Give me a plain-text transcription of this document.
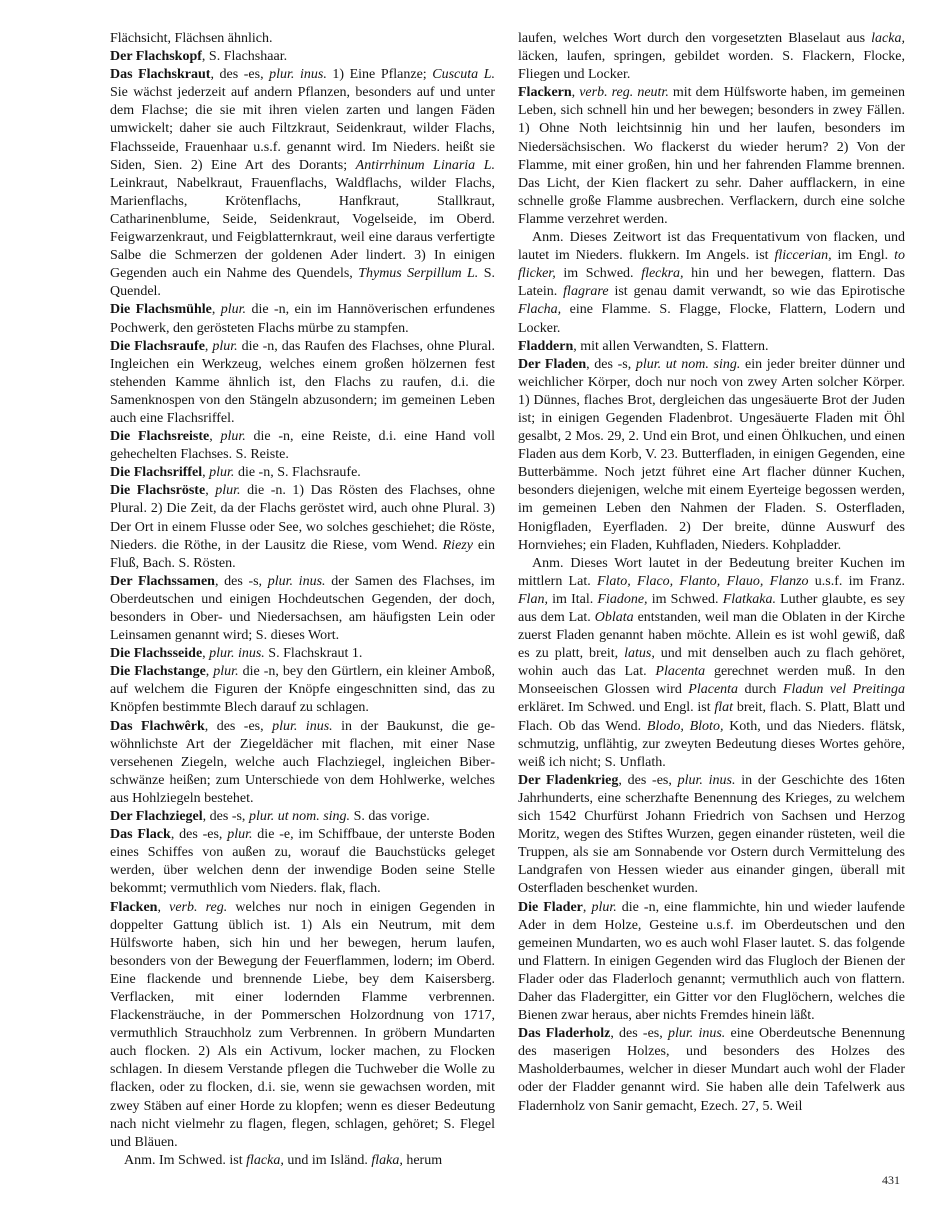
Flächsicht, Flächsen ähnlich.

Der Flachskopf, S. Flachshaar.

Das Flachskraut, des -es, plur. inus. 1) Eine Pflanze; Cuscuta L. Sie wächst jederzeit auf andern Pflanzen, besonders auf und unter dem Flachse; die sie mit ihren vielen zarten und langen Fäden umwickelt; daher sie auch Filtzkraut, Seidenkraut, wilder Flachs, Flachsseide, Frauenhaar u.s.f. genannt wird. Im Nieders. heißt sie Siden, Sien. 2) Eine Art des Dorants; Antirrhinum Linaria L. Leinkraut, Nabelkraut, Frauenflachs, Waldflachs, wilder Flachs, Marienflachs, Krötenflachs, Hanfkraut, Stallkraut, Catharinenblume, Seide, Seidenkraut, Vogelseide, im Oberd. Feigwarzenkraut, und Feigblatternkraut, weil eine daraus verfertigte Salbe die Schmerzen der goldenen Ader lindert. 3) In einigen Gegenden auch ein Nahme des Quendels, Thymus Serpillum L. S. Quendel.

Die Flachsmühle, plur. die -n, ein im Hannöverischen erfundenes Pochwerk, den gerösteten Flachs mürbe zu stampfen.

Die Flachsraufe, plur. die -n, das Raufen des Flachses, ohne Plural. Ingleichen ein Werkzeug, welches einem großen hölzernen fest stehenden Kamme ähnlich ist, den Flachs zu raufen, d.i. die Samenknospen von den Stängeln abzusondern; im gemeinen Leben auch eine Flachsriffel.

Die Flachsreiste, plur. die -n, eine Reiste, d.i. eine Hand voll gehechelten Flachses. S. Reiste.

Die Flachsriffel, plur. die -n, S. Flachsraufe.

Die Flachsröste, plur. die -n. 1) Das Rösten des Flachses, ohne Plural. 2) Die Zeit, da der Flachs geröstet wird, auch ohne Plural. 3) Der Ort in einem Flusse oder See, wo solches geschiehet; die Röste, Nieders. die Röthe, in der Lausitz die Riese, vom Wend. Riezy ein Fluß, Bach. S. Rösten.

Der Flachssamen, des -s, plur. inus. der Samen des Flachses, im Oberdeutschen und einigen Hochdeutschen Gegenden, der doch, besonders in Ober- und Niedersachsen, am häufigsten Lein oder Leinsamen genannt wird; S. dieses Wort.

Die Flachsseide, plur. inus. S. Flachskraut 1.

Die Flachstange, plur. die -n, bey den Gürtlern, ein kleiner Amboß, auf welchem die Figuren der Knöpfe eingeschnitten sind, das zu Knöpfen bestimmte Blech darauf zu schlagen.

Das Flachwêrk, des -es, plur. inus. in der Baukunst, die gewöhnlichste Art der Ziegeldächer mit flachen, mit einer Nase versehenen Ziegeln, welche auch Flachziegel, ingleichen Biberschwänze heißen; zum Unterschiede von dem Hohlwerke, welches aus Hohlziegeln bestehet.

Der Flachziegel, des -s, plur. ut nom. sing. S. das vorige.

Das Flack, des -es, plur. die -e, im Schiffbaue, der unterste Boden eines Schiffes von außen zu, worauf die Bauchstücks geleget werden, über welchen denn der inwendige Boden seine Stelle bekommt; vermuthlich vom Nieders. flak, flach.

Flacken, verb. reg. welches nur noch in einigen Gegenden in doppelter Gattung üblich ist. 1) Als ein Neutrum, mit dem Hülfsworte haben, sich hin und her bewegen, herum laufen, besonders von der Bewegung der Feuerflammen, lodern; im Oberd. Eine flackende und brennende Liebe, bey dem Kaisersberg. Verflacken, mit einer lodernden Flamme verbrennen. Flackensträuche, in der Pommerschen Holzordnung von 1717, vermuthlich Strauchholz zum Verbrennen. In gröbern Mundarten auch flocken. 2) Als ein Activum, locker machen, zu Flocken schlagen. In diesem Verstande pflegen die Tuchweber die Wolle zu flacken, oder zu flocken, d.i. sie, wenn sie gewachsen worden, mit zwey Stäben auf einer Horde zu klopfen; wenn es dieser Bedeutung nach nicht vielmehr zu flagen, flegen, schlagen, gehöret; S. Flegel und Bläuen.

Anm. Im Schwed. ist flacka, und im Isländ. flaka, herum

laufen, welches Wort durch den vorgesetzten Blaselaut aus lacka, läcken, laufen, springen, gebildet worden. S. Flackern, Flocke, Fliegen und Locker.

Flackern, verb. reg. neutr. mit dem Hülfsworte haben, im gemeinen Leben, sich schnell hin und her bewegen; besonders in zwey Fällen. 1) Ohne Noth leichtsinnig hin und her laufen, besonders im Niedersächsischen. Wo flackerst du wieder herum? 2) Von der Flamme, mit einer großen, hin und her fahrenden Flamme brennen. Das Licht, der Kien flackert zu sehr. Daher aufflackern, in eine schnelle große Flamme ausbrechen. Verflackern, durch eine solche Flamme verzehret werden.

Anm. Dieses Zeitwort ist das Frequentativum von flacken, und lautet im Nieders. flukkern. Im Angels. ist fliccerian, im Engl. to flicker, im Schwed. fleckra, hin und her bewegen, flattern. Das Latein. flagrare ist genau damit verwandt, so wie das Epirotische Flacha, eine Flamme. S. Flagge, Flocke, Flattern, Lodern und Locker.

Fladdern, mit allen Verwandten, S. Flattern.

Der Fladen, des -s, plur. ut nom. sing. ein jeder breiter dünner und weichlicher Körper, doch nur noch von zwey Arten solcher Körper. 1) Dünnes, flaches Brot, dergleichen das ungesäuerte Brot der Juden ist; in einigen Gegenden Fladenbrot. Ungesäuerte Fladen mit Öhl gesalbt, 2 Mos. 29, 2. Und ein Brot, und einen Öhlkuchen, und einen Fladen aus dem Korb, V. 23. Butterfladen, in einigen Gegenden, eine Butterbämme. Noch jetzt führet eine Art flacher dünner Kuchen, besonders diejenigen, welche mit einem Eyerteige begossen werden, im gemeinen Leben den Nahmen der Fladen. S. Osterfladen, Honigfladen, Eyerfladen. 2) Der breite, dünne Auswurf des Hornviehes; ein Fladen, Kuhfladen, Nieders. Kohpladder.

Anm. Dieses Wort lautet in der Bedeutung breiter Kuchen im mittlern Lat. Flato, Flaco, Flanto, Flauo, Flanzo u.s.f. im Franz. Flan, im Ital. Fiadone, im Schwed. Flatkaka. Luther glaubte, es sey aus dem Lat. Oblata entstanden, weil man die Oblaten in der Kirche zuerst Fladen genannt haben möchte. Allein es ist wohl gewiß, daß es zu platt, breit, latus, und mit denselben auch zu flach gehöret, wohin auch das Lat. Placenta gerechnet werden muß. In den Monseeischen Glossen wird Placenta durch Fladun vel Preitinga erkläret. Im Schwed. und Engl. ist flat breit, flach. S. Platt, Blatt und Flach. Ob das Wend. Blodo, Bloto, Koth, und das Nieders. flätsk, schmutzig, unflähtig, zur zweyten Bedeutung dieses Wortes gehöre, weiß ich nicht; S. Unflath.

Der Fladenkrieg, des -es, plur. inus. in der Geschichte des 16ten Jahrhunderts, eine scherzhafte Benennung des Krieges, zu welchem sich 1542 Churfürst Johann Friedrich von Sachsen und Herzog Moritz, wegen des Stiftes Wurzen, gegen einander rüsteten, weil die Truppen, als sie am Sonnabende vor Ostern durch Vermittelung des Landgrafen von Hessen wieder aus einander gingen, überall mit Osterfladen beschenket wurden.

Die Flader, plur. die -n, eine flammichte, hin und wieder laufende Ader in dem Holze, Gesteine u.s.f. im Oberdeutschen und den gemeinen Mundarten, wo es auch wohl Flaser lautet. S. das folgende und Flattern. In einigen Gegenden wird das Flugloch der Bienen der Flader oder das Fladerloch genannt; vermuthlich auch von flattern. Daher das Fladergitter, ein Gitter vor den Fluglöchern, welches die Bienen zwar heraus, aber nichts Fremdes hinein läßt.

Das Fladerholz, des -es, plur. inus. eine Oberdeutsche Benennung des maserigen Holzes, und besonders des Holzes des Masholderbaumes, welcher in dieser Mundart auch wohl der Flader oder der Fladder genannt wird. Sie haben alle dein Tafelwerk aus Fladernholz von Sanir gemacht, Ezech. 27, 5. Weil

431
